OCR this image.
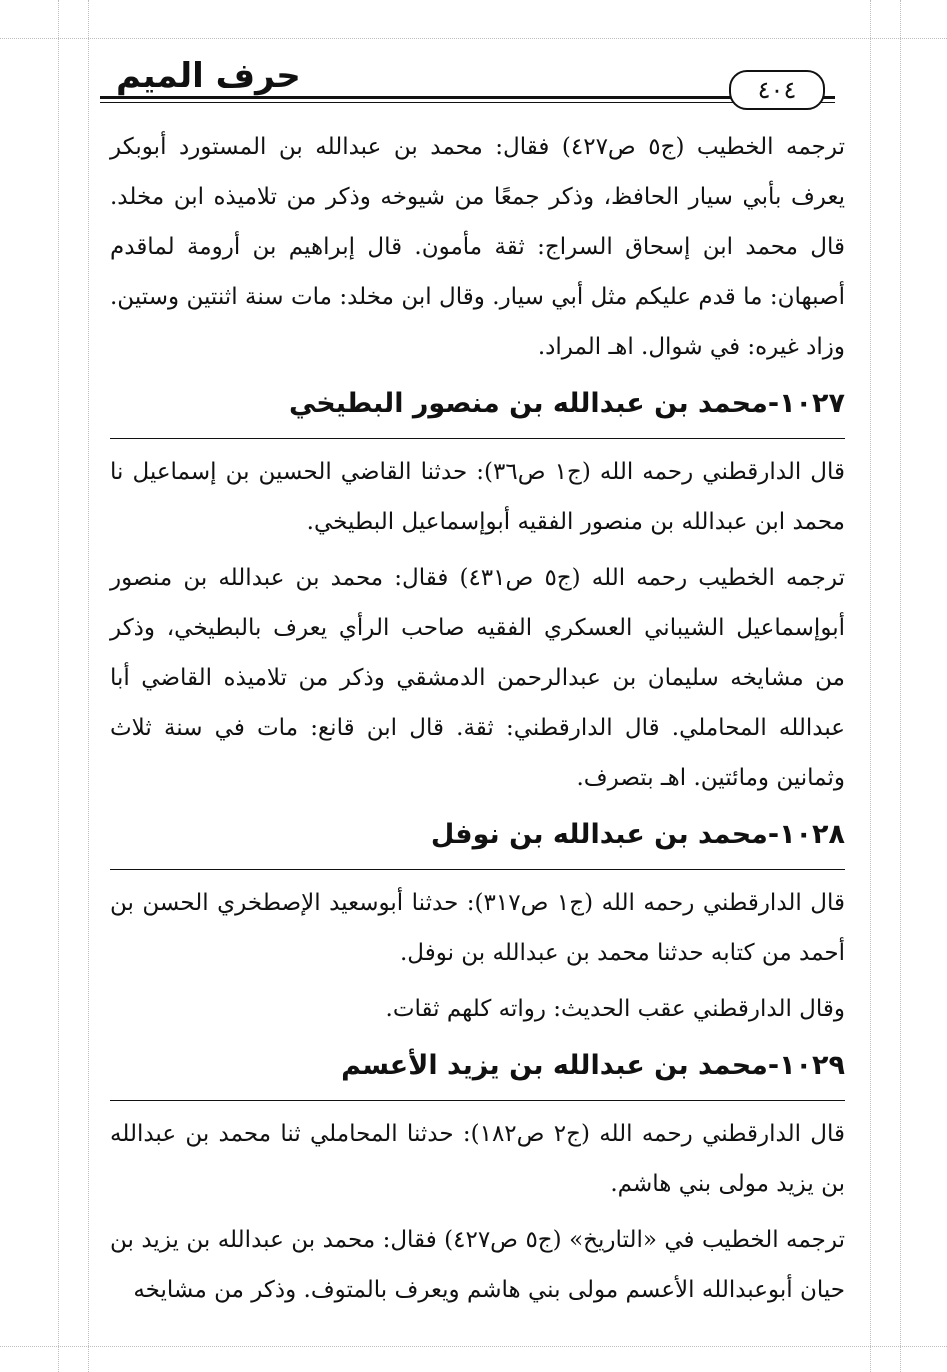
حرف الميم	٤٠٤

ترجمه الخطيب (ج٥ ص٤٢٧) فقال: محمد بن عبدالله بن المستورد أبوبكر يعرف بأبي سيار الحافظ، وذكر جمعًا من شيوخه وذكر من تلاميذه ابن مخلد. قال محمد ابن إسحاق السراج: ثقة مأمون. قال إبراهيم بن أرومة لماقدم أصبهان: ما قدم عليكم مثل أبي سيار. وقال ابن مخلد: مات سنة اثنتين وستين. وزاد غيره: في شوال. اهـ المراد.

١٠٢٧-محمد بن عبدالله بن منصور البطيخي

قال الدارقطني رحمه الله (ج١ ص٣٦): حدثنا القاضي الحسين بن إسماعيل نا محمد ابن عبدالله بن منصور الفقيه أبوإسماعيل البطيخي.

ترجمه الخطيب رحمه الله (ج٥ ص٤٣١) فقال: محمد بن عبدالله بن منصور أبوإسماعيل الشيباني العسكري الفقيه صاحب الرأي يعرف بالبطيخي، وذكر من مشايخه سليمان بن عبدالرحمن الدمشقي وذكر من تلاميذه القاضي أبا عبدالله المحاملي. قال الدارقطني: ثقة. قال ابن قانع: مات في سنة ثلاث وثمانين ومائتين. اهـ بتصرف.

١٠٢٨-محمد بن عبدالله بن نوفل

قال الدارقطني رحمه الله (ج١ ص٣١٧): حدثنا أبوسعيد الإصطخري الحسن بن أحمد من كتابه حدثنا محمد بن عبدالله بن نوفل.

وقال الدارقطني عقب الحديث: رواته كلهم ثقات.

١٠٢٩-محمد بن عبدالله بن يزيد الأعسم

قال الدارقطني رحمه الله (ج٢ ص١٨٢): حدثنا المحاملي ثنا محمد بن عبدالله بن يزيد مولى بني هاشم.

ترجمه الخطيب في «التاريخ» (ج٥ ص٤٢٧) فقال: محمد بن عبدالله بن يزيد بن حيان أبوعبدالله الأعسم مولى بني هاشم ويعرف بالمتوف. وذكر من مشايخه
